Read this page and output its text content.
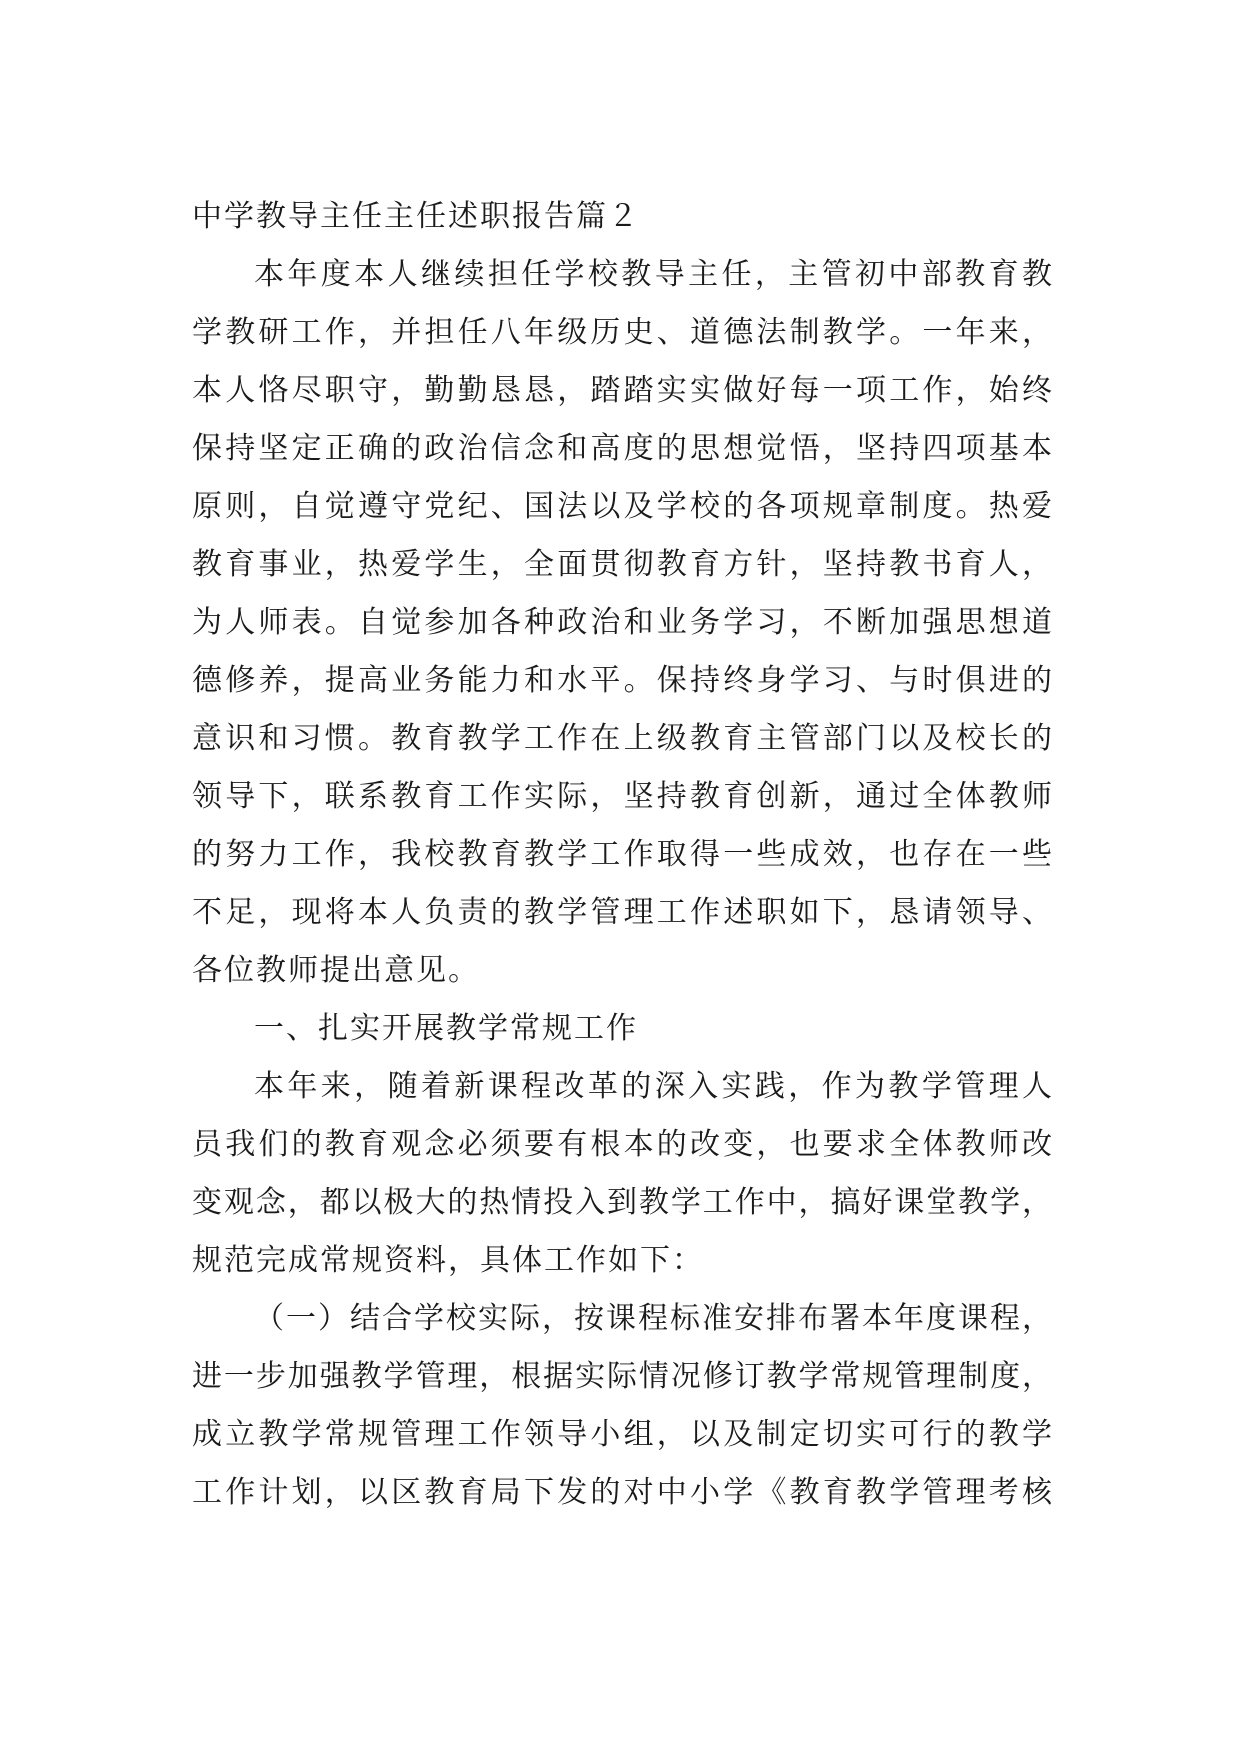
中学教导主任主任述职报告篇２

本年度本人继续担任学校教导主任，主管初中部教育教

学教研工作，并担任八年级历史、道德法制教学。一年来，

本人恪尽职守，勤勤恳恳，踏踏实实做好每一项工作，始终

保持坚定正确的政治信念和高度的思想觉悟，坚持四项基本

原则，自觉遵守党纪、国法以及学校的各项规章制度。热爱

教育事业，热爱学生，全面贯彻教育方针，坚持教书育人，

为人师表。自觉参加各种政治和业务学习，不断加强思想道

德修养，提高业务能力和水平。保持终身学习、与时俱进的

意识和习惯。教育教学工作在上级教育主管部门以及校长的

领导下，联系教育工作实际，坚持教育创新，通过全体教师

的努力工作，我校教育教学工作取得一些成效，也存在一些

不足，现将本人负责的教学管理工作述职如下，恳请领导、

各位教师提出意见。

一、扎实开展教学常规工作

本年来，随着新课程改革的深入实践，作为教学管理人

员我们的教育观念必须要有根本的改变，也要求全体教师改

变观念，都以极大的热情投入到教学工作中，搞好课堂教学，

规范完成常规资料，具体工作如下：

（一）结合学校实际，按课程标准安排布署本年度课程，

进一步加强教学管理，根据实际情况修订教学常规管理制度，

成立教学常规管理工作领导小组，以及制定切实可行的教学

工作计划，以区教育局下发的对中小学《教育教学管理考核
